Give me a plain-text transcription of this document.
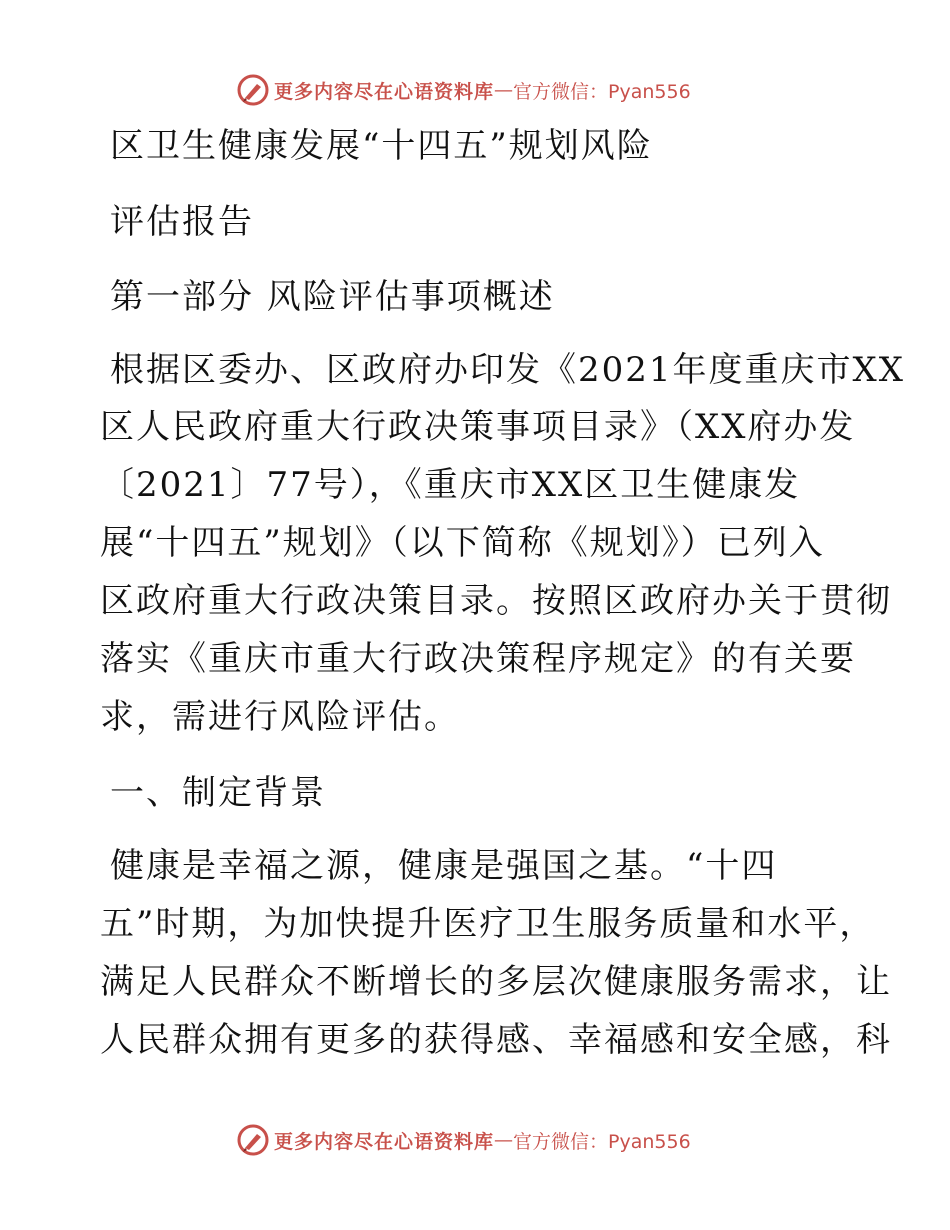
更多内容尽在心语资料库 — 官方微信：Pyan556
区卫生健康发展“十四五”规划风险
评估报告
第一部分 风险评估事项概述
根据区委办、区政府办印发《2021年度重庆市XX
区人民政府重大行政决策事项目录》（XX府办发
〔2021〕77号），《重庆市XX区卫生健康发
展“十四五”规划》（以下简称《规划》）已列入
区政府重大行政决策目录。按照区政府办关于贯彻
落实《重庆市重大行政决策程序规定》的有关要
求，需进行风险评估。
一、制定背景
健康是幸福之源，健康是强国之基。“十四
五”时期，为加快提升医疗卫生服务质量和水平，
满足人民群众不断增长的多层次健康服务需求，让
人民群众拥有更多的获得感、幸福感和安全感，科
更多内容尽在心语资料库 — 官方微信：Pyan556
